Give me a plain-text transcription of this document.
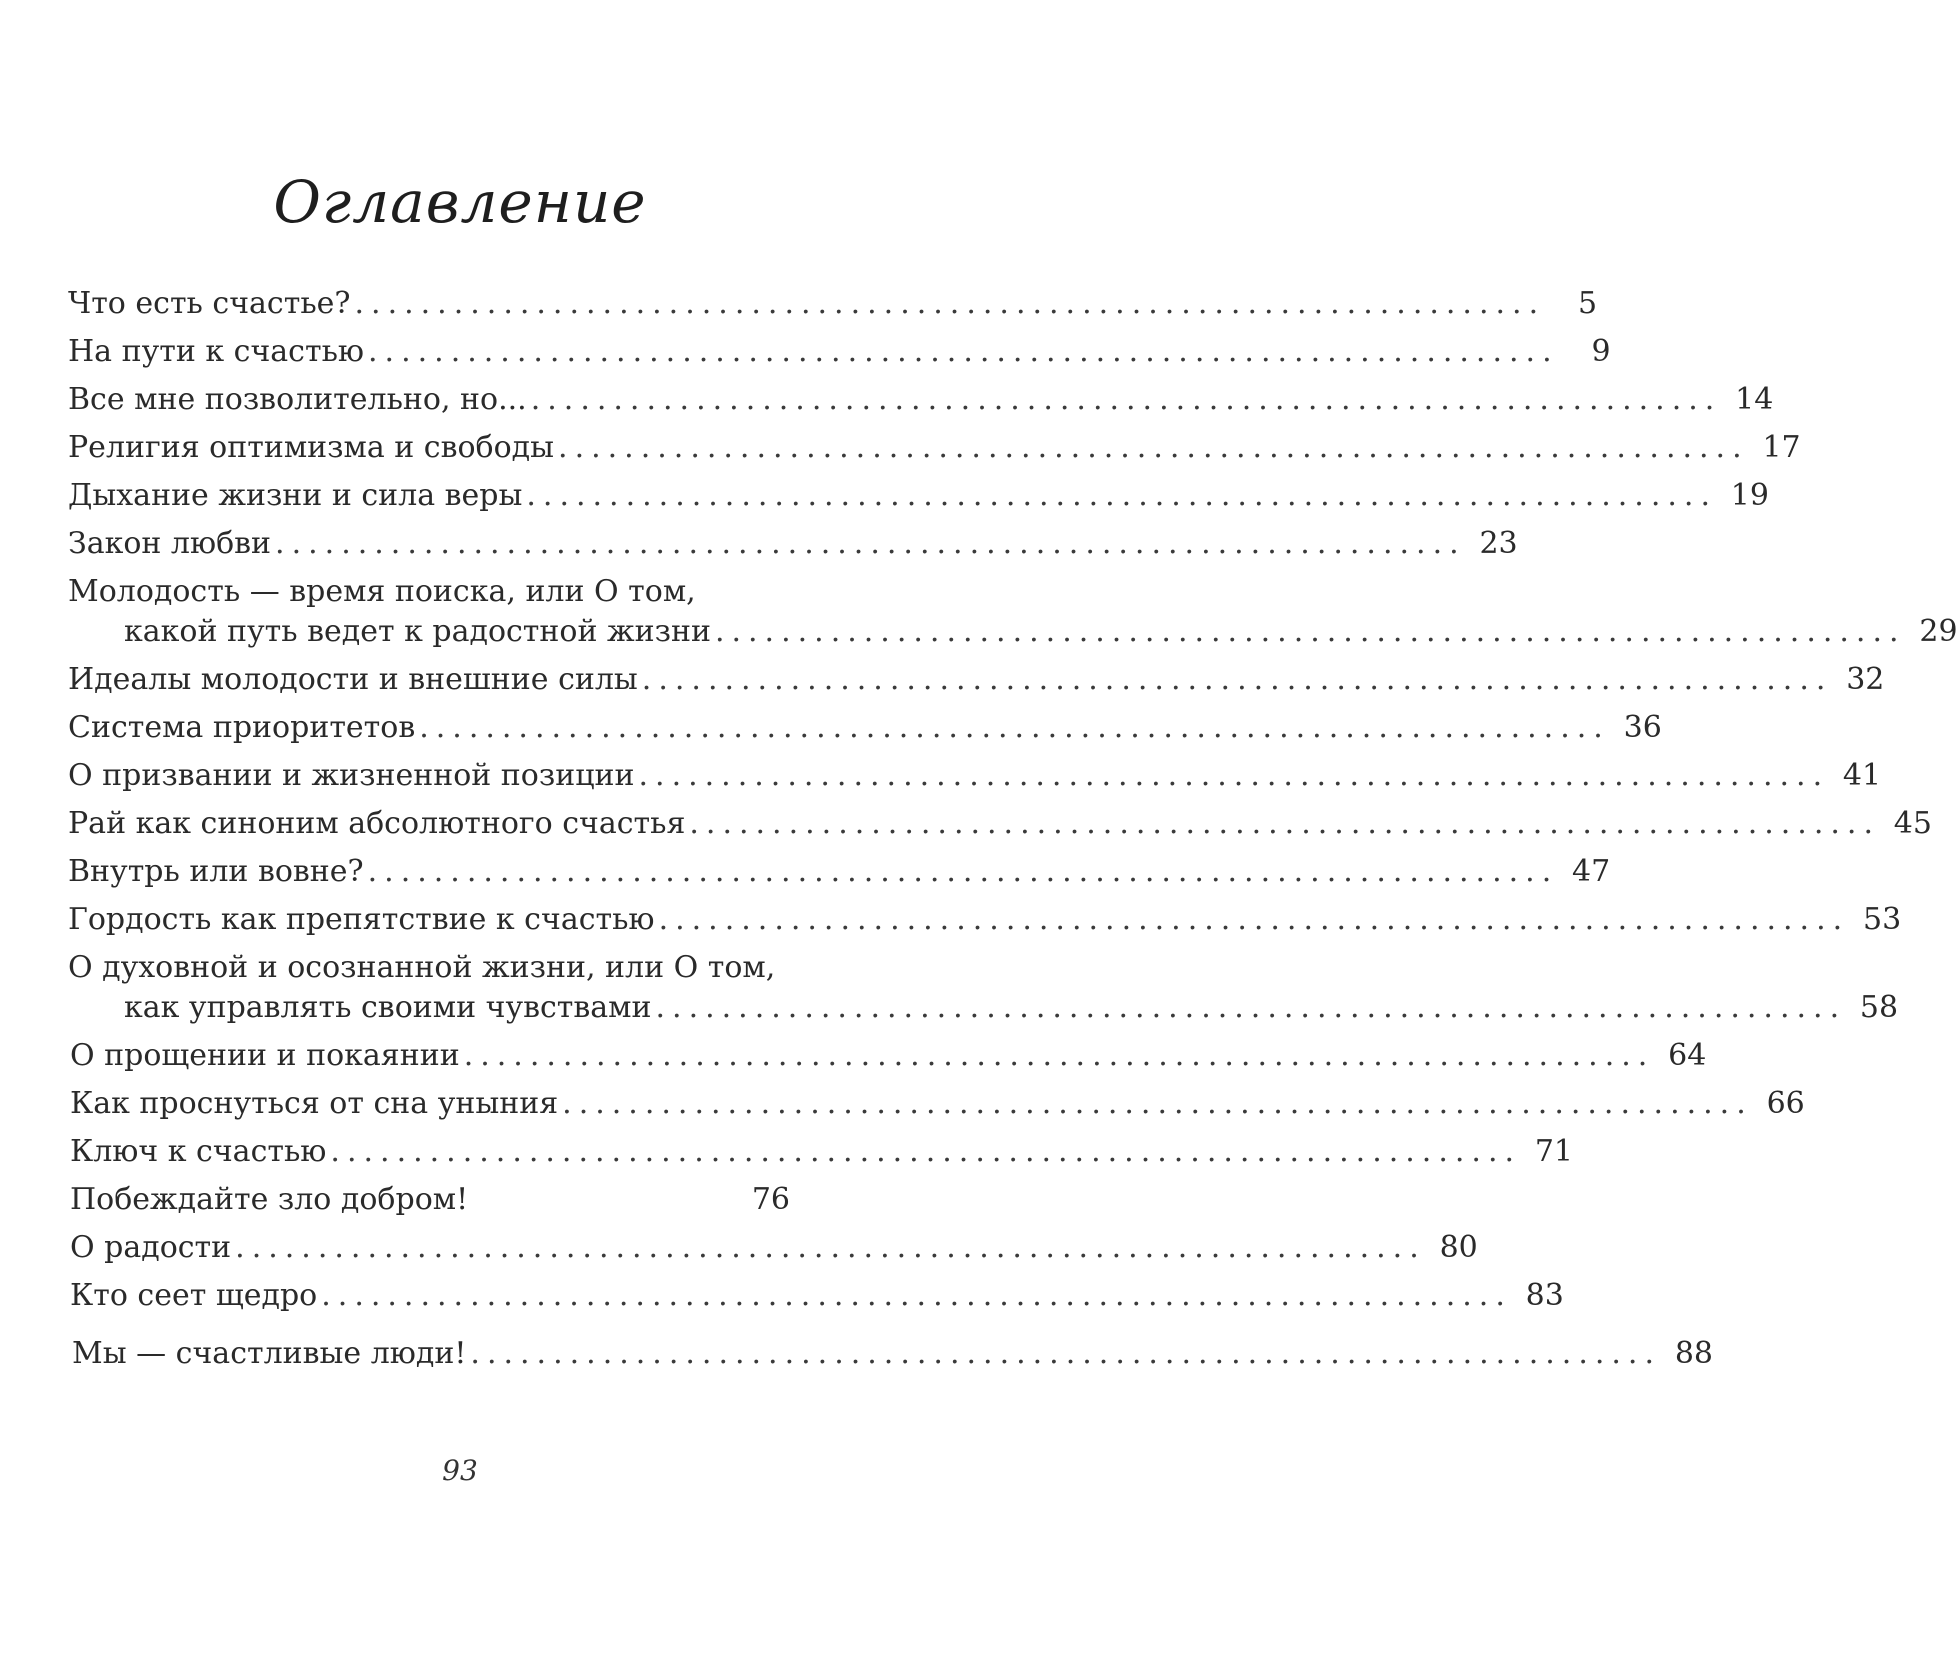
Оглавление
Что есть счастье? ........................................................................	5
На пути к счастью ........................................................................	9
Все мне позволительно, но... ........................................................................ 14
Религия оптимизма и свободы ........................................................................ 17
Дыхание жизни и сила веры ........................................................................ 19
Закон любви ........................................................................ 23
Молодость — время поиска, или О том,
какой путь ведет к радостной жизни ........................................................................ 29
Идеалы молодости и внешние силы ........................................................................ 32
Система приоритетов ........................................................................ 36
О призвании и жизненной позиции ........................................................................ 41
Рай как синоним абсолютного счастья ........................................................................ 45
Внутрь или вовне? ........................................................................ 47
Гордость как препятствие к счастью ........................................................................ 53
О духовной и осознанной жизни, или О том,
как управлять своими чувствами ........................................................................ 58
О прощении и покаянии ........................................................................ 64
Как проснуться от сна уныния ........................................................................ 66
Ключ к счастью ........................................................................ 71
Побеждайте зло добром!	76
О радости ........................................................................ 80
Кто сеет щедро ........................................................................ 83
Мы — счастливые люди! ........................................................................ 88
93
